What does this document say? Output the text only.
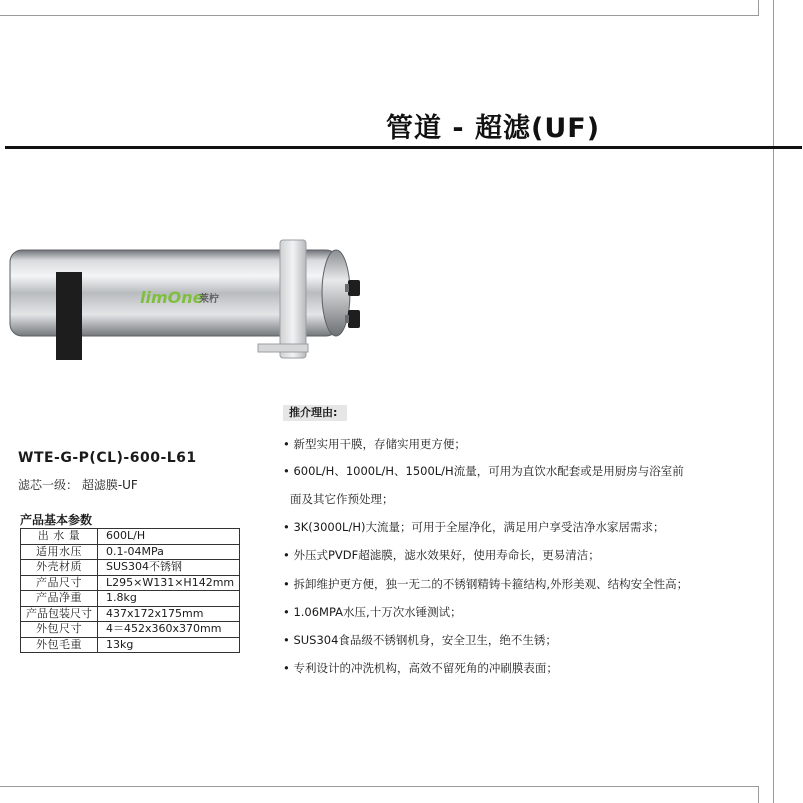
管道 - 超滤(UF)
limOne
莱柠
WTE-G-P(CL)-600-L61
滤芯一级： 超滤膜-UF
产品基本参数
出 水 量	600L/H
适用水压	0.1-04MPa
外壳材质	SUS304不锈钢
产品尺寸	L295×W131×H142mm
产品净重	1.8kg
产品包装尺寸	437x172x175mm
外包尺寸	4＝452x360x370mm
外包毛重	13kg
推介理由:
• 新型实用干膜，存储实用更方便；
• 600L/H、1000L/H、1500L/H流量，可用为直饮水配套或是用厨房与浴室前
面及其它作预处理；
• 3K(3000L/H)大流量；可用于全屋净化，满足用户享受洁净水家居需求；
• 外压式PVDF超滤膜，滤水效果好，使用寿命长，更易清洁；
• 拆卸维护更方便，独一无二的不锈钢精铸卡箍结构,外形美观、结构安全性高；
• 1.06MPA水压,十万次水锤测试；
• SUS304食品级不锈钢机身，安全卫生，绝不生锈；
• 专利设计的冲洗机构，高效不留死角的冲刷膜表面；
